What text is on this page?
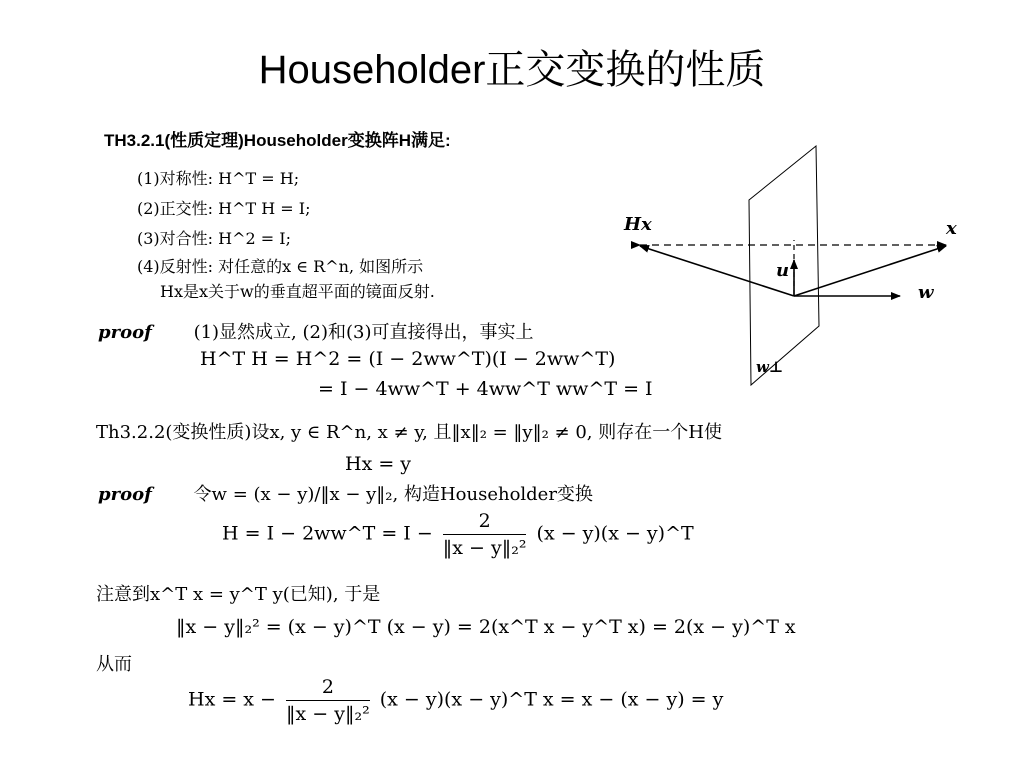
Householder正交变换的性质
TH3.2.1(性质定理)Householder变换阵H满足:
(1)对称性: H^T = H;
(2)正交性: H^T H = I;
(3)对合性: H^2 = I;
(4)反射性: 对任意的x ∈ R^n, 如图所示
Hx是x关于w的垂直超平面的镜面反射.
Hx	x
u
w
w⊥
proof (1)显然成立, (2)和(3)可直接得出，事实上
H^T H = H^2 = (I − 2ww^T)(I − 2ww^T)
= I − 4ww^T + 4ww^T ww^T = I
Th3.2.2(变换性质)设x, y ∈ R^n, x ≠ y, 且‖x‖₂ = ‖y‖₂ ≠ 0, 则存在一个H使
Hx = y
proof 令w = (x − y)/‖x − y‖₂, 构造Householder变换
H = I − 2ww^T = $I - \frac{2}{\text{‖x − y‖₂²}} (x - y)(x$ − y)^T
注意到x^T x = y^T y(已知), 于是
‖x − y‖₂² = (x − y)^T (x − y) = 2(x^T x − y^T x) = 2(x − y)^T x
从而
$Hx = x - \frac{2}{\text{‖x − y‖₂²}} (x - y)(x$ − y)^T x = x − (x − y) = y
